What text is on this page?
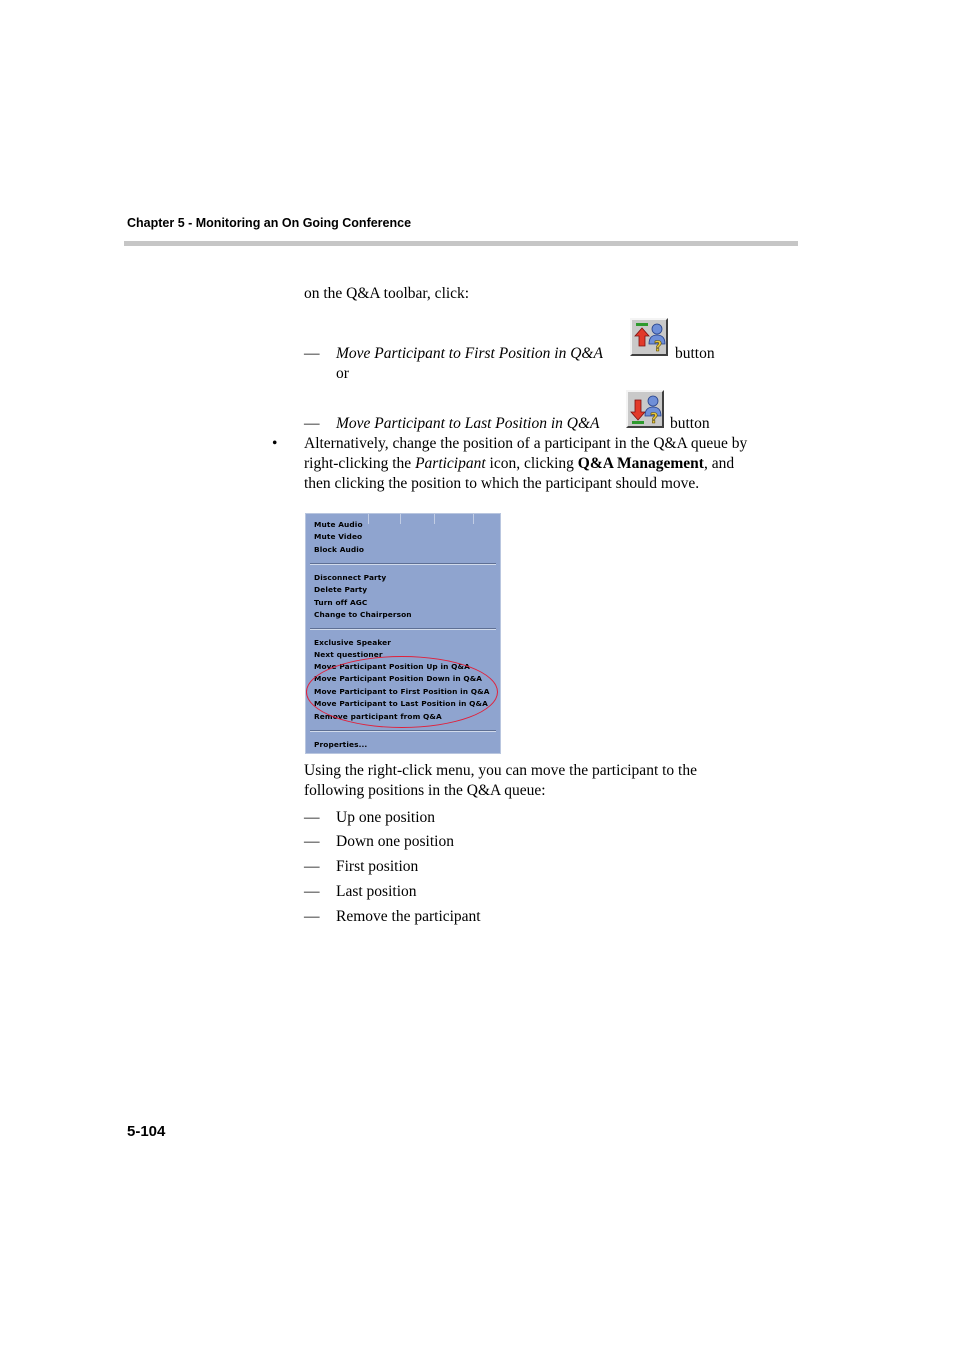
Chapter 5 - Monitoring an On Going Conference
on the Q&A toolbar, click:
— Move Participant to First Position in Q&A	? button
or
— Move Participant to Last Position in Q&A	? button
• Alternatively, change the position of a participant in the Q&A queue by
right-clicking the Participant icon, clicking Q&A Management, and
then clicking the position to which the participant should move.
Mute Audio
Mute Video
Block Audio
Disconnect Party
Delete Party
Turn off AGC
Change to Chairperson
Exclusive Speaker
Next questioner
Move Participant Position Up in Q&A
Move Participant Position Down in Q&A
Move Participant to First Position in Q&A
Move Participant to Last Position in Q&A
Remove participant from Q&A
Properties...
Using the right-click menu, you can move the participant to the
following positions in the Q&A queue:
— Up one position
— Down one position
— First position
— Last position
— Remove the participant
5-104
